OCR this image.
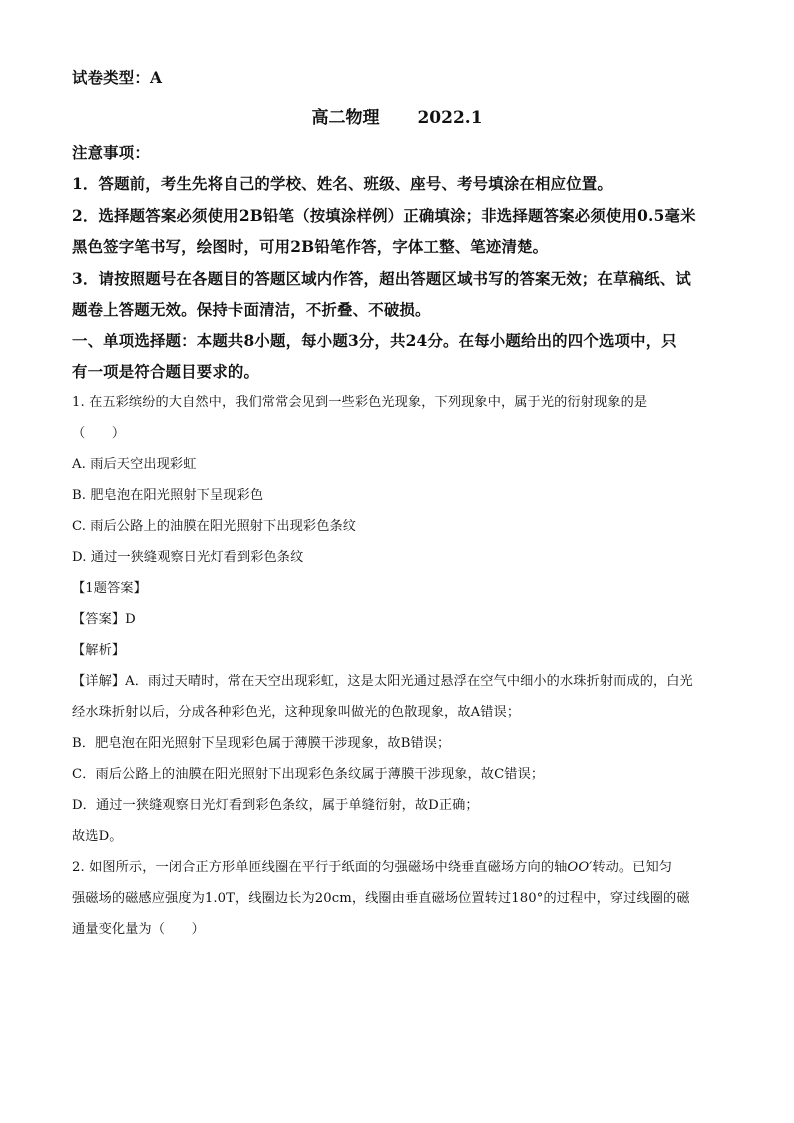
试卷类型：A
高二物理 2022.1
注意事项：
1．答题前，考生先将自己的学校、姓名、班级、座号、考号填涂在相应位置。
2．选择题答案必须使用2B铅笔（按填涂样例）正确填涂；非选择题答案必须使用0.5毫米
黑色签字笔书写，绘图时，可用2B铅笔作答，字体工整、笔迹清楚。
3．请按照题号在各题目的答题区域内作答，超出答题区域书写的答案无效；在草稿纸、试
题卷上答题无效。保持卡面清洁，不折叠、不破损。
一、单项选择题：本题共8小题，每小题3分，共24分。在每小题给出的四个选项中，只
有一项是符合题目要求的。
1. 在五彩缤纷的大自然中，我们常常会见到一些彩色光现象，下列现象中，属于光的衍射现象的是
（　　）
A. 雨后天空出现彩虹
B. 肥皂泡在阳光照射下呈现彩色
C. 雨后公路上的油膜在阳光照射下出现彩色条纹
D. 通过一狭缝观察日光灯看到彩色条纹
【1题答案】
【答案】D
【解析】
【详解】A．雨过天晴时，常在天空出现彩虹，这是太阳光通过悬浮在空气中细小的水珠折射而成的，白光
经水珠折射以后，分成各种彩色光，这种现象叫做光的色散现象，故A错误；
B．肥皂泡在阳光照射下呈现彩色属于薄膜干涉现象，故B错误；
C．雨后公路上的油膜在阳光照射下出现彩色条纹属于薄膜干涉现象，故C错误；
D．通过一狭缝观察日光灯看到彩色条纹，属于单缝衍射，故D正确；
故选D。
2. 如图所示，一闭合正方形单匝线圈在平行于纸面的匀强磁场中绕垂直磁场方向的轴OO′转动。已知匀
强磁场的磁感应强度为1.0T，线圈边长为20cm，线圈由垂直磁场位置转过180°的过程中，穿过线圈的磁
通量变化量为（　　）
